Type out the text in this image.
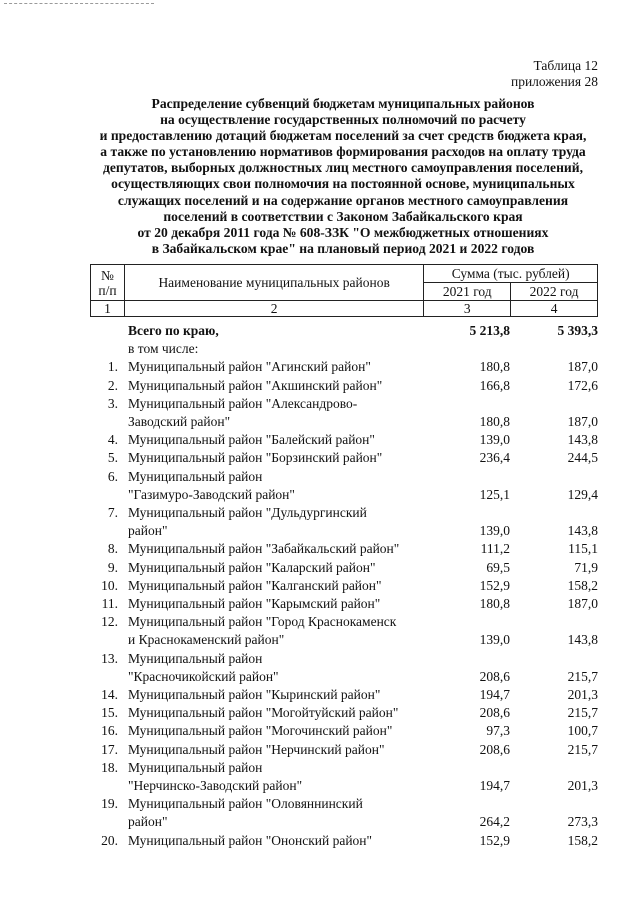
Таблица 12
приложения 28
Распределение субвенций бюджетам муниципальных районов
на осуществление государственных полномочий по расчету
и предоставлению дотаций бюджетам поселений за счет средств бюджета края,
а также по установлению нормативов формирования расходов на оплату труда
депутатов, выборных должностных лиц местного самоуправления поселений,
осуществляющих свои полномочия на постоянной основе, муниципальных
служащих поселений и на содержание органов местного самоуправления
поселений в соответствии с Законом Забайкальского края
от 20 декабря 2011 года № 608-ЗЗК "О межбюджетных отношениях
в Забайкальском крае" на плановый период 2021 и 2022 годов
№
п/п	Наименование муниципальных районов	Сумма (тыс. рублей)	
		2021 год	2022 год
1	2	3	4
Всего по краю,	5 213,8	5 393,3
в том числе:
1. Муниципальный район "Агинский район"	180,8	187,0
2. Муниципальный район "Акшинский район"	166,8	172,6
3. Муниципальный район "Александрово-
Заводский район"	180,8	187,0
4. Муниципальный район "Балейский район"	139,0	143,8
5. Муниципальный район "Борзинский район"	236,4	244,5
6. Муниципальный район
"Газимуро-Заводский район"	125,1	129,4
7. Муниципальный район "Дульдургинский
район"	139,0	143,8
8. Муниципальный район "Забайкальский район"	111,2	115,1
9. Муниципальный район "Каларский район"	69,5	71,9
10. Муниципальный район "Калганский район"	152,9	158,2
11. Муниципальный район "Карымский район"	180,8	187,0
12. Муниципальный район "Город Краснокаменск
и Краснокаменский район"	139,0	143,8
13. Муниципальный район
"Красночикойский район"	208,6	215,7
14. Муниципальный район "Кыринский район"	194,7	201,3
15. Муниципальный район "Могойтуйский район"	208,6	215,7
16. Муниципальный район "Могочинский район"	97,3	100,7
17. Муниципальный район "Нерчинский район"	208,6	215,7
18. Муниципальный район
"Нерчинско-Заводский район"	194,7	201,3
19. Муниципальный район "Оловяннинский
район"	264,2	273,3
20. Муниципальный район "Ононский район"	152,9	158,2
